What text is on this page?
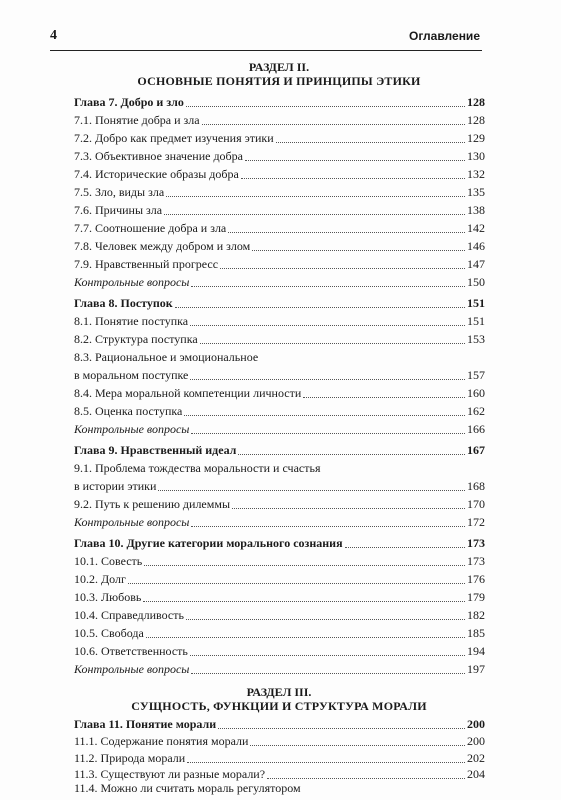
4	Оглавление
РАЗДЕЛ II.
ОСНОВНЫЕ ПОНЯТИЯ И ПРИНЦИПЫ ЭТИКИ
Глава 7. Добро и зло	128
7.1. Понятие добра и зла	128
7.2. Добро как предмет изучения этики	129
7.3. Объективное значение добра	130
7.4. Исторические образы добра	132
7.5. Зло, виды зла	135
7.6. Причины зла	138
7.7. Соотношение добра и зла	142
7.8. Человек между добром и злом	146
7.9. Нравственный прогресс	147
Контрольные вопросы	150
Глава 8. Поступок	151
8.1. Понятие поступка	151
8.2. Структура поступка	153
8.3. Рациональное и эмоциональное
в моральном поступке	157
8.4. Мера моральной компетенции личности	160
8.5. Оценка поступка	162
Контрольные вопросы	166
Глава 9. Нравственный идеал	167
9.1. Проблема тождества моральности и счастья
в истории этики	168
9.2. Путь к решению дилеммы	170
Контрольные вопросы	172
Глава 10. Другие категории морального сознания	173
10.1. Совесть	173
10.2. Долг	176
10.3. Любовь	179
10.4. Справедливость	182
10.5. Свобода	185
10.6. Ответственность	194
Контрольные вопросы	197
РАЗДЕЛ III.
СУЩНОСТЬ, ФУНКЦИИ И СТРУКТУРА МОРАЛИ
Глава 11. Понятие морали	200
11.1. Содержание понятия морали	200
11.2. Природа морали	202
11.3. Существуют ли разные морали?	204
11.4. Можно ли считать мораль регулятором
